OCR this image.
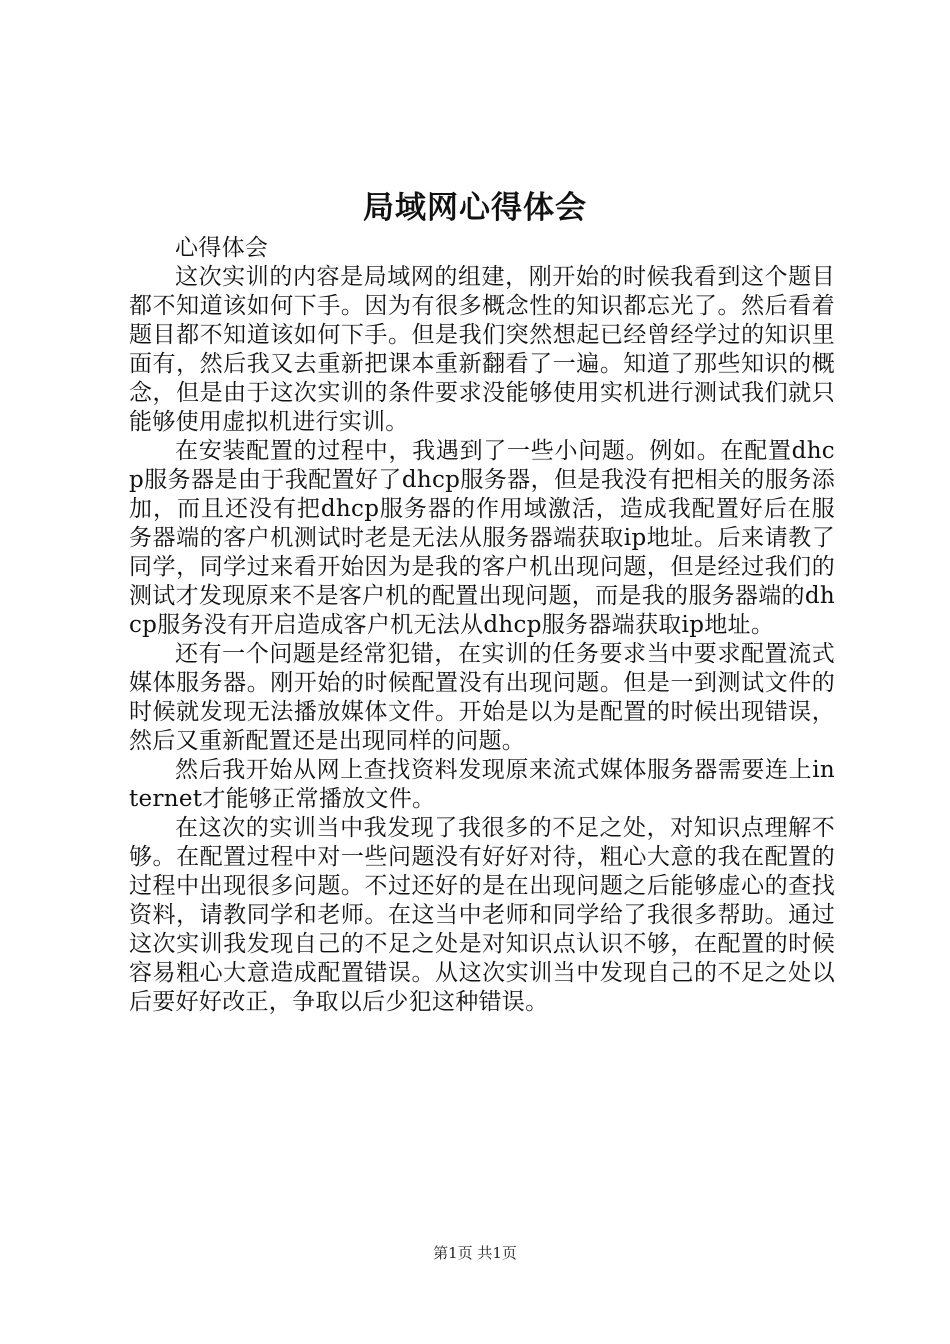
局域网心得体会

心得体会

这次实训的内容是局域网的组建，刚开始的时候我看到这个题目都不知道该如何下手。因为有很多概念性的知识都忘光了。然后看着题目都不知道该如何下手。但是我们突然想起已经曾经学过的知识里面有，然后我又去重新把课本重新翻看了一遍。知道了那些知识的概念，但是由于这次实训的条件要求没能够使用实机进行测试我们就只能够使用虚拟机进行实训。

在安装配置的过程中，我遇到了一些小问题。例如。在配置dhcp服务器是由于我配置好了dhcp服务器，但是我没有把相关的服务添加，而且还没有把dhcp服务器的作用域激活，造成我配置好后在服务器端的客户机测试时老是无法从服务器端获取ip地址。后来请教了同学，同学过来看开始因为是我的客户机出现问题，但是经过我们的测试才发现原来不是客户机的配置出现问题，而是我的服务器端的dhcp服务没有开启造成客户机无法从dhcp服务器端获取ip地址。

还有一个问题是经常犯错，在实训的任务要求当中要求配置流式媒体服务器。刚开始的时候配置没有出现问题。但是一到测试文件的时候就发现无法播放媒体文件。开始是以为是配置的时候出现错误，然后又重新配置还是出现同样的问题。

然后我开始从网上查找资料发现原来流式媒体服务器需要连上internet才能够正常播放文件。

在这次的实训当中我发现了我很多的不足之处，对知识点理解不够。在配置过程中对一些问题没有好好对待，粗心大意的我在配置的过程中出现很多问题。不过还好的是在出现问题之后能够虚心的查找资料，请教同学和老师。在这当中老师和同学给了我很多帮助。通过这次实训我发现自己的不足之处是对知识点认识不够，在配置的时候容易粗心大意造成配置错误。从这次实训当中发现自己的不足之处以后要好好改正，争取以后少犯这种错误。

第1页 共1页
